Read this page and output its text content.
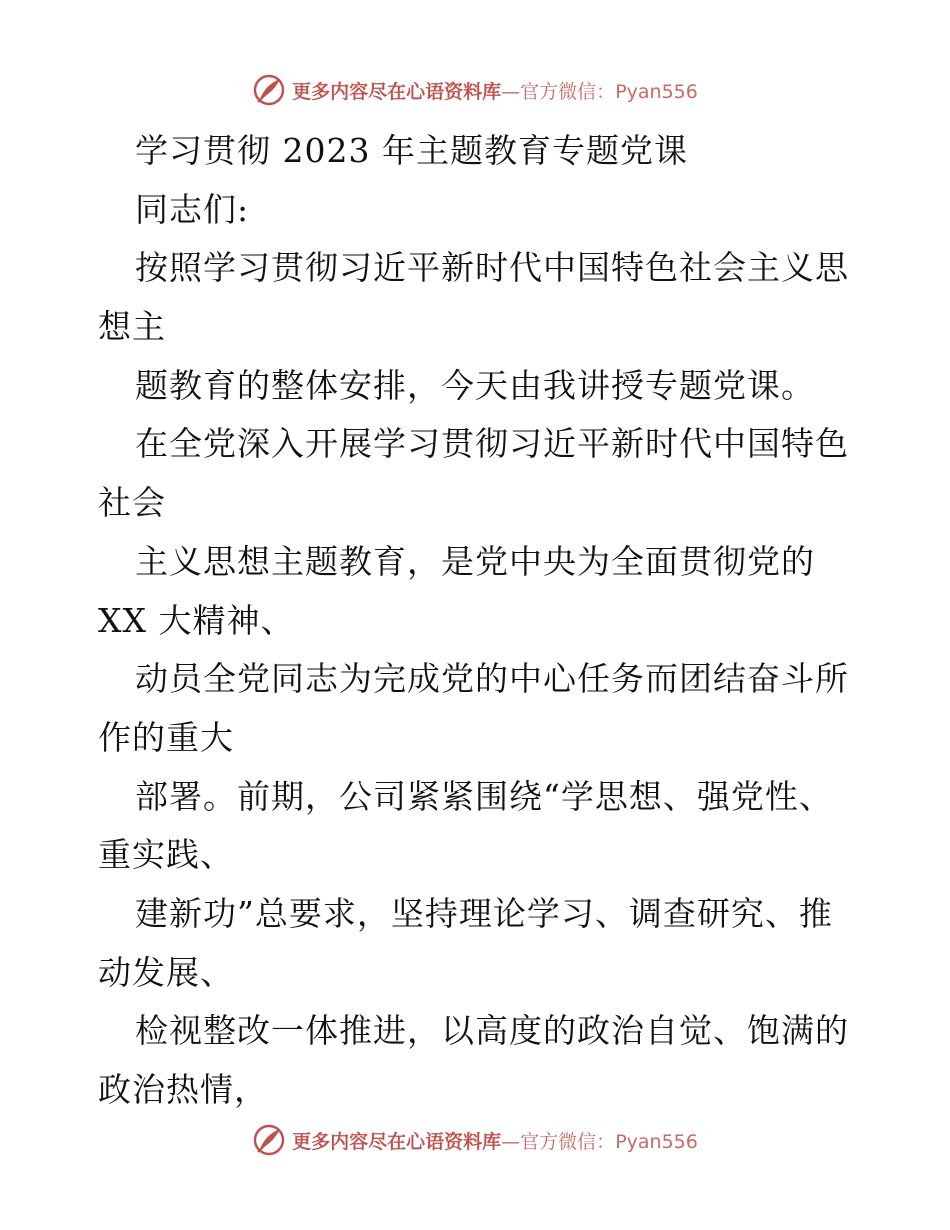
更多内容尽在心语资料库—官方微信：Pyan556
学习贯彻 2023 年主题教育专题党课
同志们:
按照学习贯彻习近平新时代中国特色社会主义思
想主
题教育的整体安排，今天由我讲授专题党课。
在全党深入开展学习贯彻习近平新时代中国特色
社会
主义思想主题教育，是党中央为全面贯彻党的
XX 大精神、
动员全党同志为完成党的中心任务而团结奋斗所
作的重大
部署。前期，公司紧紧围绕“学思想、强党性、
重实践、
建新功”总要求，坚持理论学习、调查研究、推
动发展、
检视整改一体推进，以高度的政治自觉、饱满的
政治热情，
更多内容尽在心语资料库—官方微信：Pyan556
